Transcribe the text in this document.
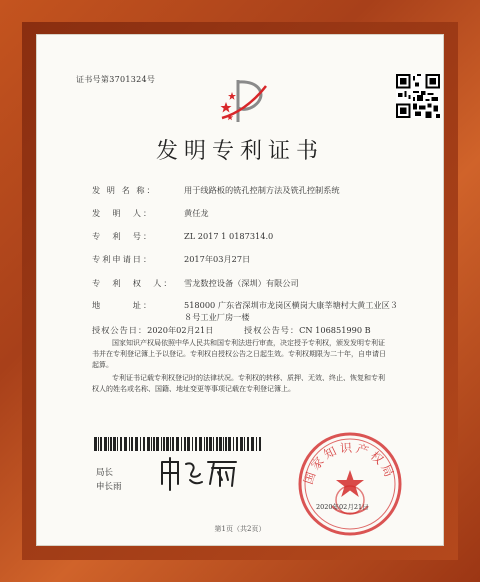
证书号第3701324号
发明专利证书
发 明 名 称：	用于线路板的铣孔控制方法及铣孔控制系统
发　明　人：	黄任龙
专　利　号：	ZL 2017 1 0187314.0
专利申请日：	2017年03月27日
专　利　权　人： 雪龙数控设备（深圳）有限公司
地　　　址：	518000 广东省深圳市龙岗区横岗大康莘塘村大黄工业区３
８号工业厂房一楼
授权公告日：2020年02月21日	授权公告号：CN 106851990 B
国家知识产权局依照中华人民共和国专利法进行审查，决定授予专利权，颁发发明专利证书并在专利登记簿上予以登记。专利权自授权公告之日起生效。专利权期限为二十年，自申请日起算。
专利证书记载专利权登记时的法律状况。专利权的转移、质押、无效、终止、恢复和专利权人的姓名或名称、国籍、地址变更等事项记载在专利登记簿上。
局长
申长雨
国家知识产权局
2020年02月21日
第1页（共2页）
